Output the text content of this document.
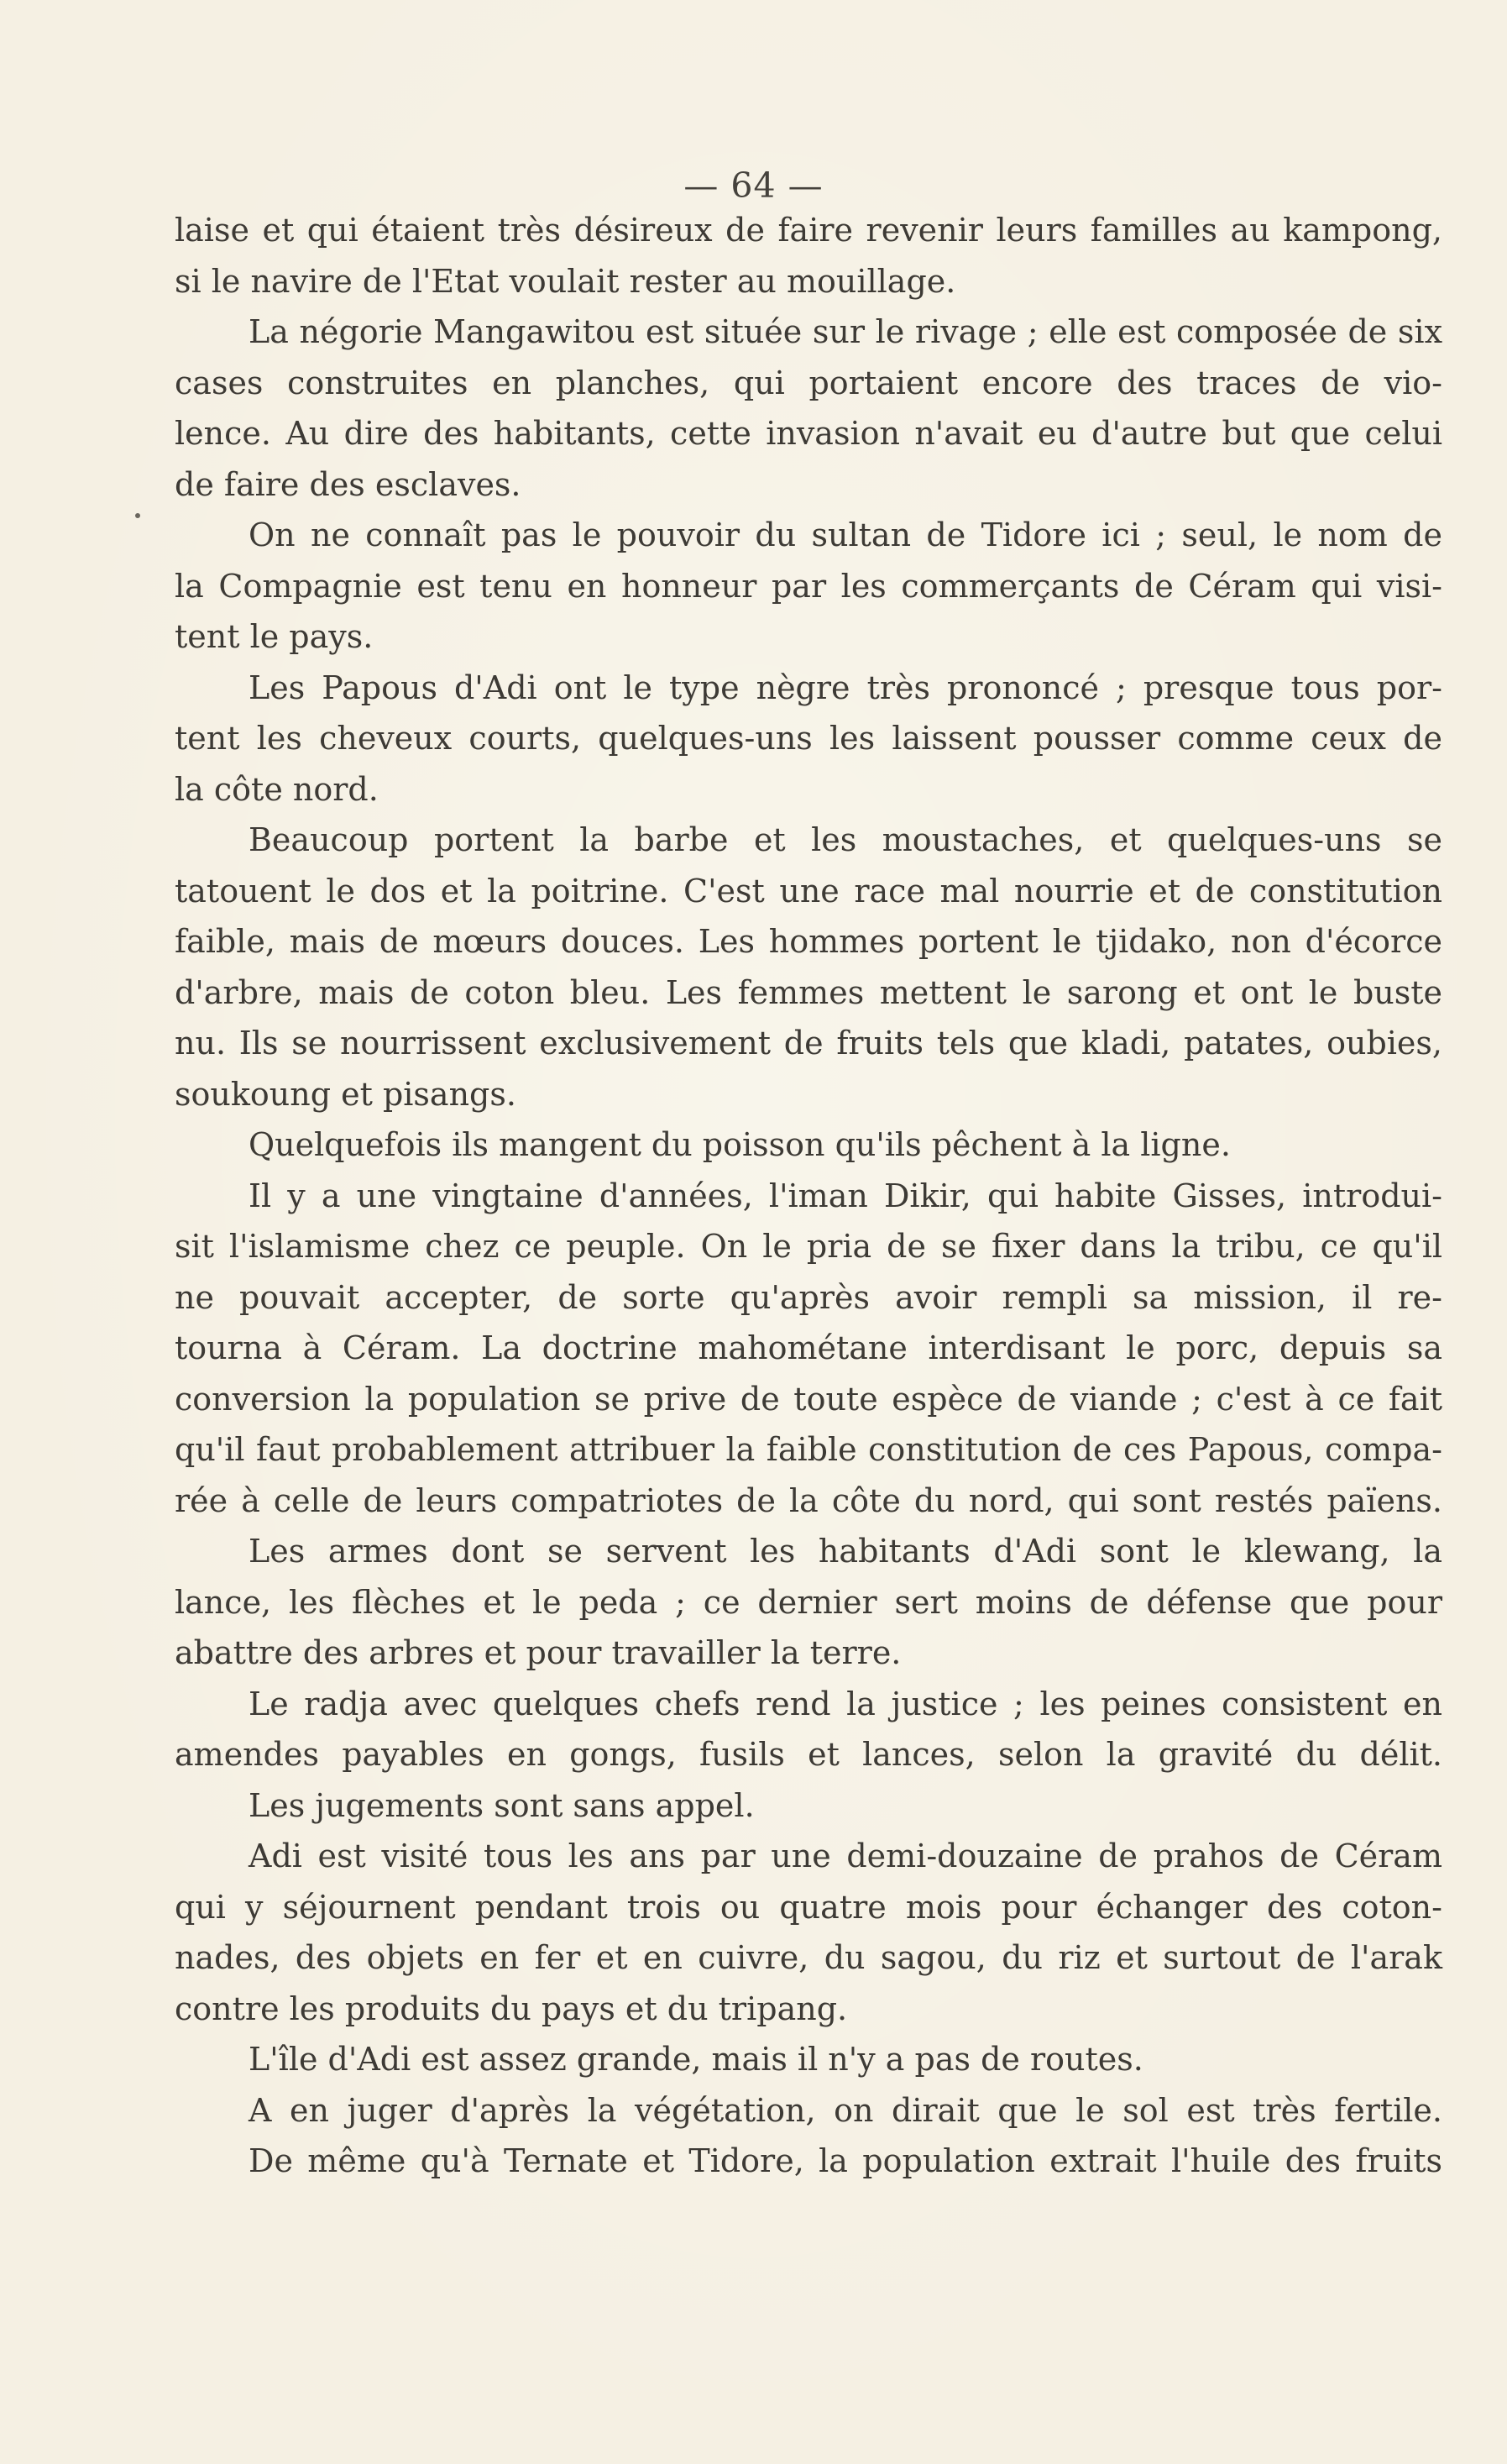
— 64 —
laise et qui étaient très désireux de faire revenir leurs familles au kampong,
si le navire de l'Etat voulait rester au mouillage.
La négorie Mangawitou est située sur le rivage ; elle est composée de six
cases construites en planches, qui portaient encore des traces de vio-
lence. Au dire des habitants, cette invasion n'avait eu d'autre but que celui
de faire des esclaves.
On ne connaît pas le pouvoir du sultan de Tidore ici ; seul, le nom de
la Compagnie est tenu en honneur par les commerçants de Céram qui visi-
tent le pays.
Les Papous d'Adi ont le type nègre très prononcé ; presque tous por-
tent les cheveux courts, quelques-uns les laissent pousser comme ceux de
la côte nord.
Beaucoup portent la barbe et les moustaches, et quelques-uns se
tatouent le dos et la poitrine. C'est une race mal nourrie et de constitution
faible, mais de mœurs douces. Les hommes portent le tjidako, non d'écorce
d'arbre, mais de coton bleu. Les femmes mettent le sarong et ont le buste
nu. Ils se nourrissent exclusivement de fruits tels que kladi, patates, oubies,
soukoung et pisangs.
Quelquefois ils mangent du poisson qu'ils pêchent à la ligne.
Il y a une vingtaine d'années, l'iman Dikir, qui habite Gisses, introdui-
sit l'islamisme chez ce peuple. On le pria de se fixer dans la tribu, ce qu'il
ne pouvait accepter, de sorte qu'après avoir rempli sa mission, il re-
tourna à Céram. La doctrine mahométane interdisant le porc, depuis sa
conversion la population se prive de toute espèce de viande ; c'est à ce fait
qu'il faut probablement attribuer la faible constitution de ces Papous, compa-
rée à celle de leurs compatriotes de la côte du nord, qui sont restés païens.
Les armes dont se servent les habitants d'Adi sont le klewang, la
lance, les flèches et le peda ; ce dernier sert moins de défense que pour
abattre des arbres et pour travailler la terre.
Le radja avec quelques chefs rend la justice ; les peines consistent en
amendes payables en gongs, fusils et lances, selon la gravité du délit.
Les jugements sont sans appel.
Adi est visité tous les ans par une demi-douzaine de prahos de Céram
qui y séjournent pendant trois ou quatre mois pour échanger des coton-
nades, des objets en fer et en cuivre, du sagou, du riz et surtout de l'arak
contre les produits du pays et du tripang.
L'île d'Adi est assez grande, mais il n'y a pas de routes.
A en juger d'après la végétation, on dirait que le sol est très fertile.
De même qu'à Ternate et Tidore, la population extrait l'huile des fruits
